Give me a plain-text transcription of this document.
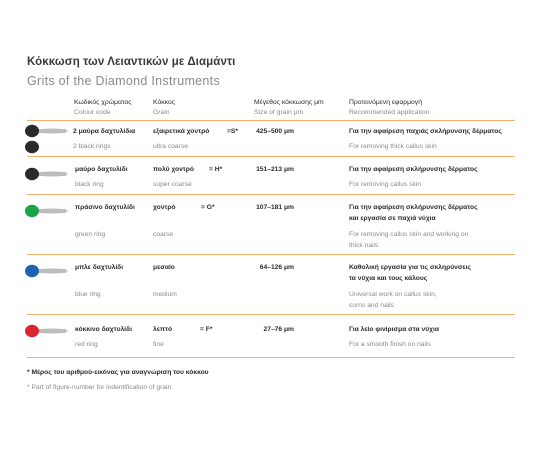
Κόκκωση των Λειαντικών με Διαμάντι
Grits of the Diamond Instruments
Κωδικός χρώματος
Colour code
Κόκκος
Grain
Μέγεθος κόκκωσης μm
Size of grain μm
Προτεινόμενη εφαρμογή
Recommended application
2 μαύρα δαχτυλίδια	εξαιρετικά χοντρό	=S*	425–500 μm	Για την αφαίρεση παχιάς σκλήρυνσης δέρματος
2 black rings	ultra coarse	For removing thick callus skin
μαύρο δαχτυλίδι	πολύ χοντρό = H*	151–213 μm	Για την αφαίρεση σκλήρυνσης δέρματος
black ring	super coarse	For removing callus skin
πράσινο δαχτυλίδι	χοντρό	= G*	107–181 μm	Για την αφαίρεση σκλήρυνσης δέρματος
και εργασία σε παχιά νύχια
green ring	coarse	For removing callus skin and working on
thick nails
μπλε δαχτυλίδι	μεσαίο	64–126 μm	Καθολική εργασία για τις σκληρύνσεις
τα νύχια και τους κάλους
blue ring	medium	Universal work on callus skin,
corns and nails
κόκκινο δαχτυλίδι	λεπτό	= F*	27–76 μm	Για λείο φινίρισμα στα νύχια
red ring	fine	For a smooth finish on nails
* Μέρος του αριθμού-εικόνας για αναγνώριση του κόκκου
* Part of figure-number for indentification of grain
